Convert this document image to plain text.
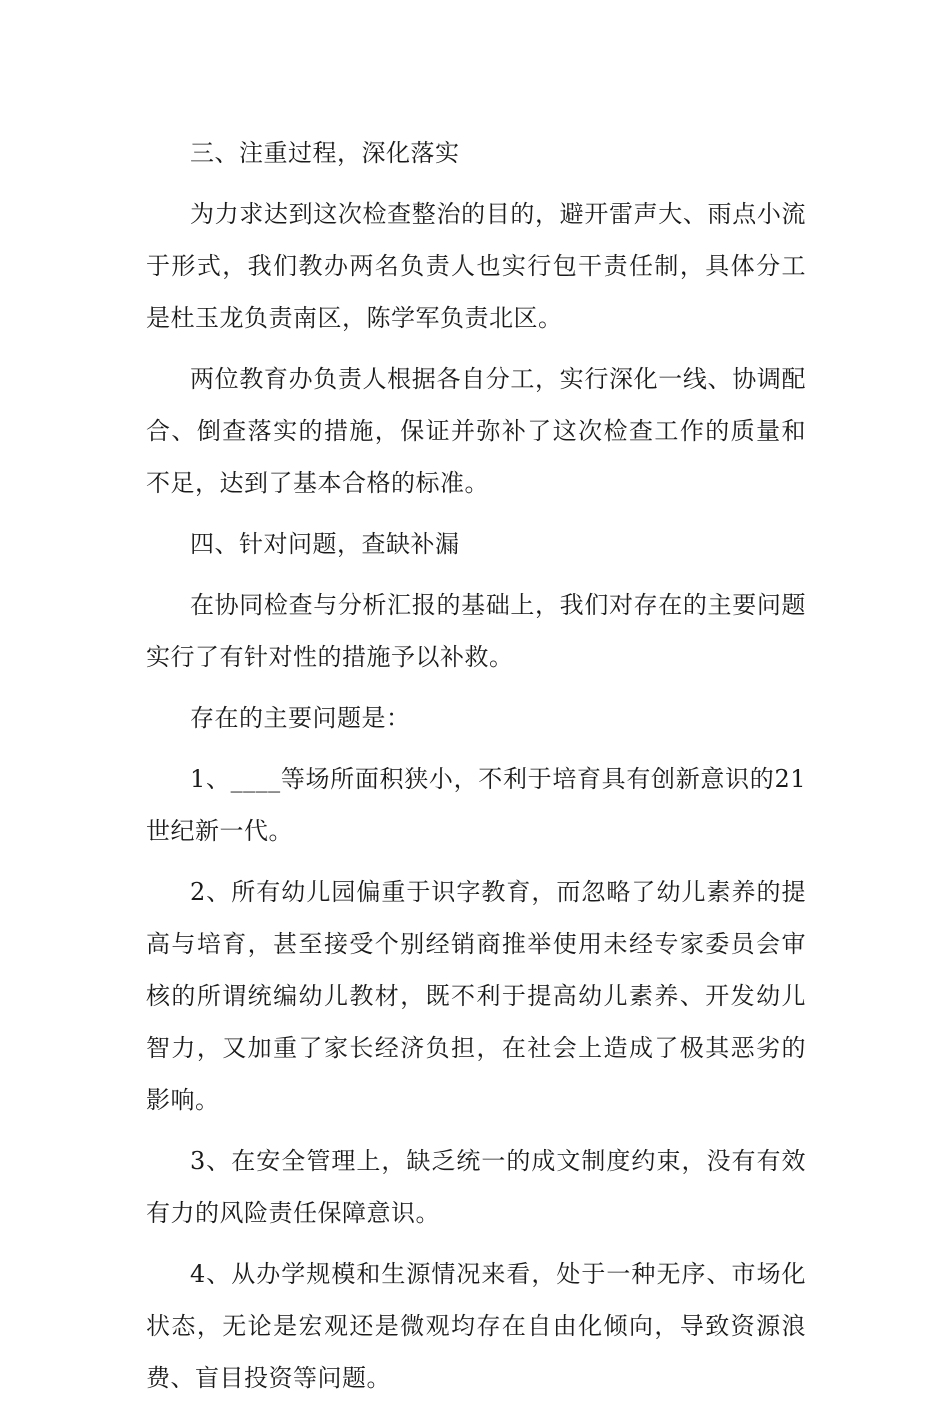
三、注重过程，深化落实

为力求达到这次检查整治的目的，避开雷声大、雨点小流于形式，我们教办两名负责人也实行包干责任制，具体分工是杜玉龙负责南区，陈学军负责北区。

两位教育办负责人根据各自分工，实行深化一线、协调配合、倒查落实的措施，保证并弥补了这次检查工作的质量和不足，达到了基本合格的标准。

四、针对问题，查缺补漏

在协同检查与分析汇报的基础上，我们对存在的主要问题实行了有针对性的措施予以补救。

存在的主要问题是：

1、____等场所面积狭小，不利于培育具有创新意识的21世纪新一代。

2、所有幼儿园偏重于识字教育，而忽略了幼儿素养的提高与培育，甚至接受个别经销商推举使用未经专家委员会审核的所谓统编幼儿教材，既不利于提高幼儿素养、开发幼儿智力，又加重了家长经济负担，在社会上造成了极其恶劣的影响。

3、在安全管理上，缺乏统一的成文制度约束，没有有效有力的风险责任保障意识。

4、从办学规模和生源情况来看，处于一种无序、市场化状态，无论是宏观还是微观均存在自由化倾向，导致资源浪费、盲目投资等问题。
